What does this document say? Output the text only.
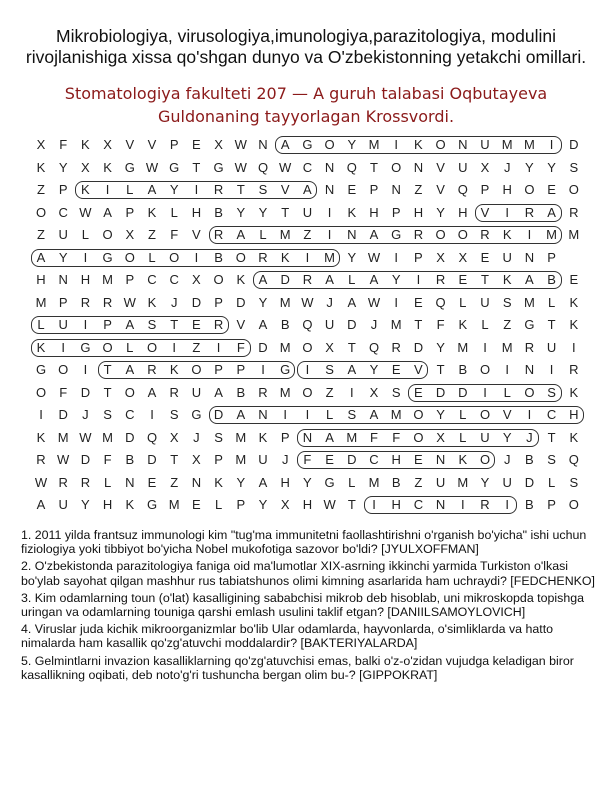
Mikrobiologiya, virusologiya,imunologiya,parazitologiya, modulini rivojlanishiga xissa qo'shgan dunyo va O'zbekistonning yetakchi omillari.
Stomatologiya fakulteti 207 — A guruh talabasi Oqbutayeva Guldonaning tayyorlagan Krossvordi.
X	F	K	X	V	V	P	E	X W N	A G O Y M	I	K O N U M M	I	D
K	Y	X	K G W G	T	G W Q W C N Q	T	O N	V	U	X	J	Y	Y	S
Z	P	K	I	L	A	Y	I	R	T	S	V	A	N	E	P	N	Z	V Q P	H O E O
O C W A	P	K	L	H	B	Y	Y	T	U	I	K	H	P	H	Y	H	V	I	R	A	R
Z	U	L	O X	Z	F	V	R	A	L	M Z	I	N	A G R O O R	K	I	M M
A	Y	I	G O	L	O	I	B O R	K	I	M Y W	I	P	X	X	E	U N	P
H N H M P	C C	X O K	A	D R	A	L	A	Y	I	R	E	T	K	A	B	E
M P	R R W K	J	D	P	D	Y M W J	A W	I	E Q	L	U	S M	L	K
L	U	I	P	A	S	T	E	R	V	A	B Q U D	J	M T	F	K	L	Z	G	T	K
K	I	G O	L	O	I	Z	I	F	D M O X	T	Q R D	Y M	I	M R U	I
G O	I	T	A	R	K O P	P	I	G	I	S	A	Y	E	V	T	B O	I	N	I	R
O	F	D	T	O A	R U	A	B	R M O	Z	I	X	S	E	D D	I	L	O S	K
I	D	J	S	C	I	S G D	A	N	I	I	L	S	A M O Y	L	O V	I	C H
K M W M D Q X	J	S M K	P	N	A M F	F	O X	L	U	Y	J	T	K
R W D	F	B	D	T	X	P M U	J	F	E	D C H	E	N	K O	J	B	S Q
W R R	L	N	E	Z	N	K	Y	A	H	Y G	L	M B	Z	U M Y	U D	L	S
A	U	Y	H	K G M E	L	P	Y	X	H W T	I	H C N	I	R	I	B	P O
1. 2011 yilda frantsuz immunologi kim "tug'ma immunitetni faollashtirishni o'rganish bo'yicha" ishi uchun fiziologiya yoki tibbiyot bo'yicha Nobel mukofotiga sazovor bo'ldi? [JYULXOFFMAN]
2. O'zbekistonda parazitologiya faniga oid ma'lumotlar XIX-asrning ikkinchi yarmida Turkiston o'lkasi bo'ylab sayohat qilgan mashhur rus tabiatshunos olimi kimning asarlarida ham uchraydi? [FEDCHENKO]
3. Kim odamlarning toun (o'lat) kasalligining sababchisi mikrob deb hisoblab, uni mikroskopda topishga uringan va odamlarning touniga qarshi emlash usulini taklif etgan? [DANIILSAMOYLOVICH]
4. Viruslar juda kichik mikroorganizmlar bo'lib Ular odamlarda, hayvonlarda, o'simliklarda va hatto nimalarda ham kasallik qo'zg'atuvchi moddalardir? [BAKTERIYALARDA]
5. Gelmintlarni invazion kasalliklarning qo'zg'atuvchisi emas, balki o'z-o'zidan vujudga keladigan biror kasallikning oqibati, deb noto'g'ri tushuncha bergan olim bu-? [GIPPOKRAT]
